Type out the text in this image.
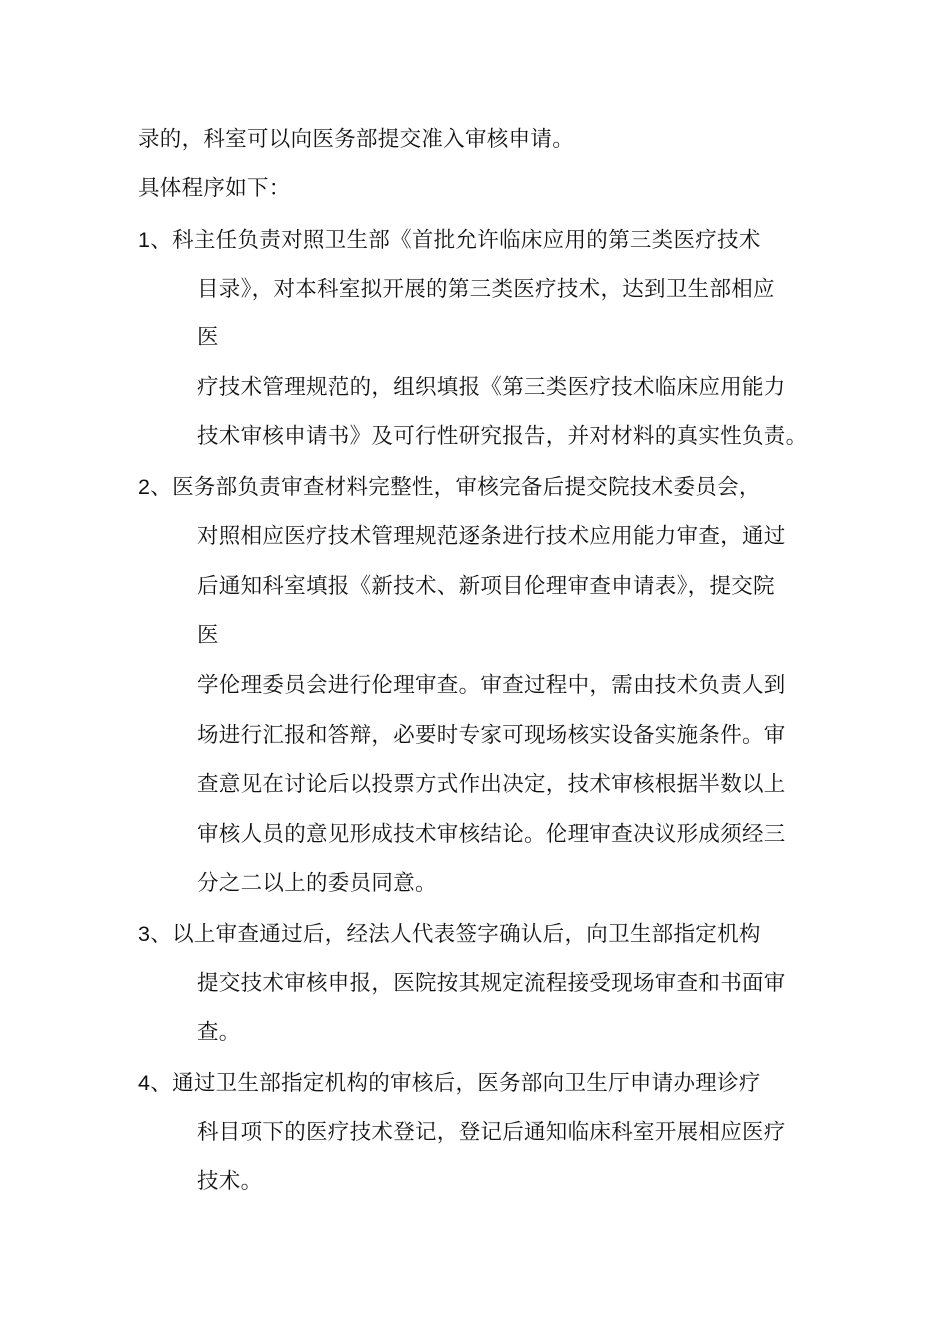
录的，科室可以向医务部提交准入审核申请。
具体程序如下：
1、科主任负责对照卫生部《首批允许临床应用的第三类医疗技术
目录》，对本科室拟开展的第三类医疗技术，达到卫生部相应
医
疗技术管理规范的，组织填报《第三类医疗技术临床应用能力
技术审核申请书》及可行性研究报告，并对材料的真实性负责。
2、医务部负责审查材料完整性，审核完备后提交院技术委员会，
对照相应医疗技术管理规范逐条进行技术应用能力审查，通过
后通知科室填报《新技术、新项目伦理审查申请表》，提交院
医
学伦理委员会进行伦理审查。审查过程中，需由技术负责人到
场进行汇报和答辩，必要时专家可现场核实设备实施条件。审
查意见在讨论后以投票方式作出决定，技术审核根据半数以上
审核人员的意见形成技术审核结论。伦理审查决议形成须经三
分之二以上的委员同意。
3、以上审查通过后，经法人代表签字确认后，向卫生部指定机构
提交技术审核申报，医院按其规定流程接受现场审查和书面审
查。
4、通过卫生部指定机构的审核后，医务部向卫生厅申请办理诊疗
科目项下的医疗技术登记，登记后通知临床科室开展相应医疗
技术。
